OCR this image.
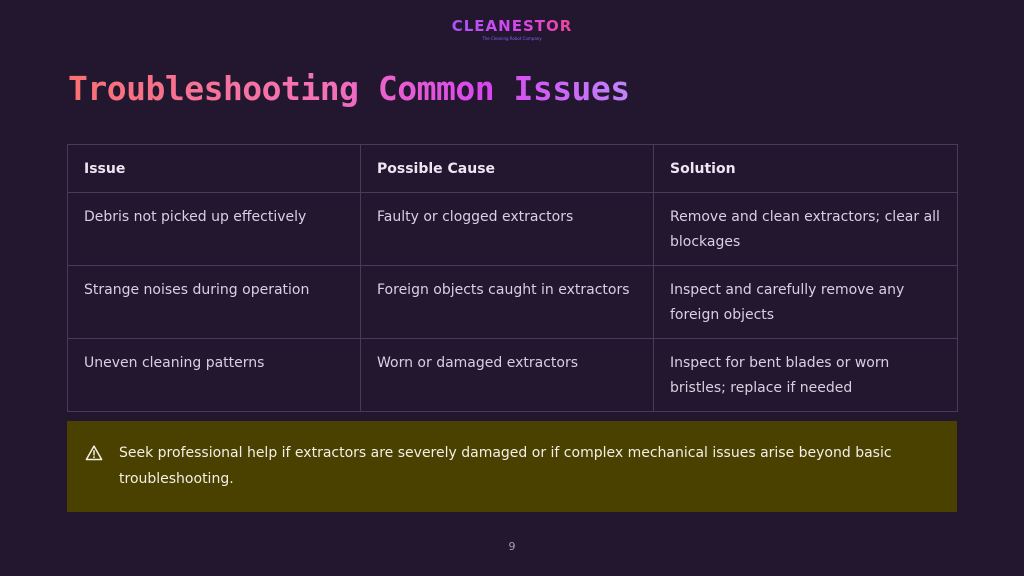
CLEANESTOR
The Cleaning Robot Company
Troubleshooting Common Issues
Issue	Possible Cause	Solution
Debris not picked up effectively	Faulty or clogged extractors	Remove and clean extractors; clear all blockages
Strange noises during operation	Foreign objects caught in extractors	Inspect and carefully remove any foreign objects
Uneven cleaning patterns	Worn or damaged extractors	Inspect for bent blades or worn bristles; replace if needed
Seek professional help if extractors are severely damaged or if complex mechanical issues arise beyond basic troubleshooting.
9
